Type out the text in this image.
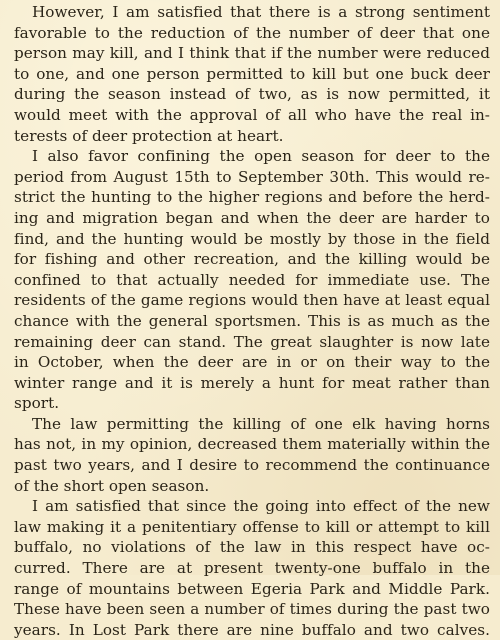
However, I am satisfied that there is a strong sentiment
favorable to the reduction of the number of deer that one
person may kill, and I think that if the number were reduced
to one, and one person permitted to kill but one buck deer
during the season instead of two, as is now permitted, it
would meet with the approval of all who have the real in-
terests of deer protection at heart.
I also favor confining the open season for deer to the
period from August 15th to September 30th. This would re-
strict the hunting to the higher regions and before the herd-
ing and migration began and when the deer are harder to
find, and the hunting would be mostly by those in the field
for fishing and other recreation, and the killing would be
confined to that actually needed for immediate use. The
residents of the game regions would then have at least equal
chance with the general sportsmen. This is as much as the
remaining deer can stand. The great slaughter is now late
in October, when the deer are in or on their way to the
winter range and it is merely a hunt for meat rather than
sport.
The law permitting the killing of one elk having horns
has not, in my opinion, decreased them materially within the
past two years, and I desire to recommend the continuance
of the short open season.
I am satisfied that since the going into effect of the new
law making it a penitentiary offense to kill or attempt to kill
buffalo, no violations of the law in this respect have oc-
curred. There are at present twenty-one buffalo in the
range of mountains between Egeria Park and Middle Park.
These have been seen a number of times during the past two
years. In Lost Park there are nine buffalo and two calves.
